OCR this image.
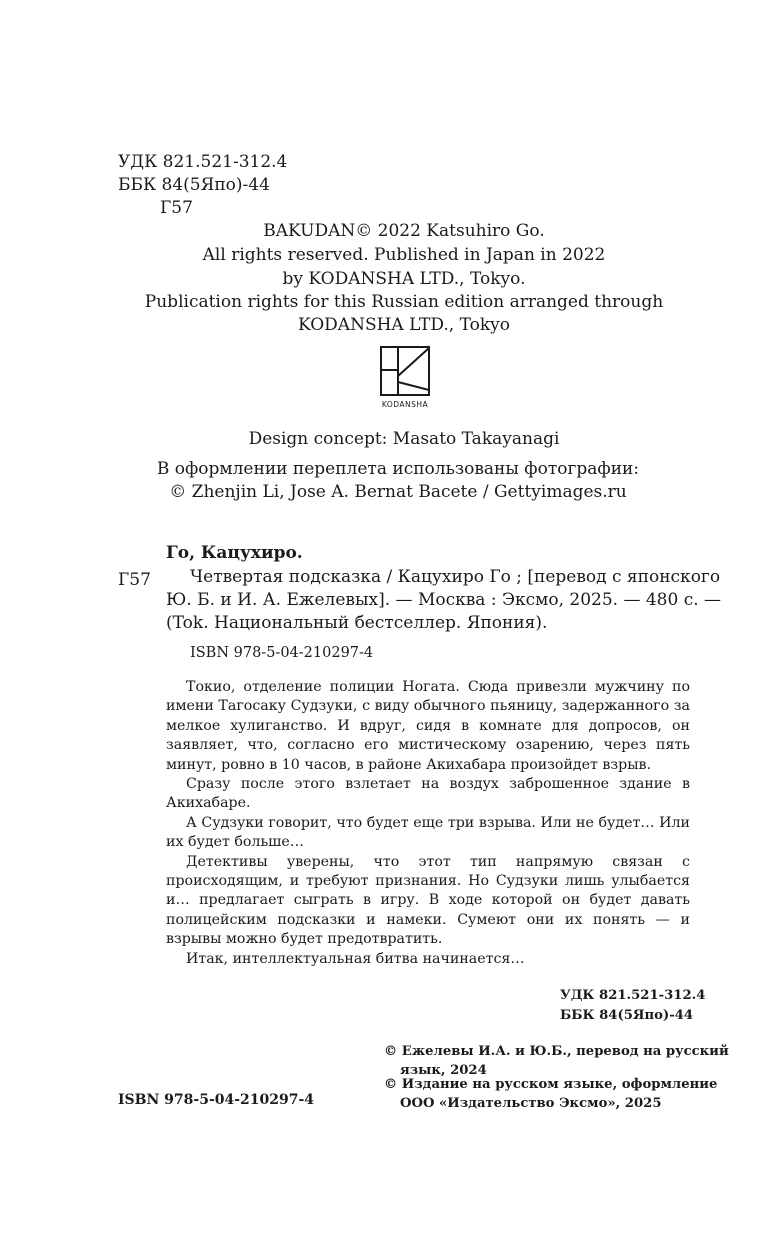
УДК 821.521-312.4
ББК 84(5Япо)-44
Г57
BAKUDAN© 2022 Katsuhiro Go.
All rights reserved. Published in Japan in 2022
by KODANSHA LTD., Tokyo.
Publication rights for this Russian edition arranged through
KODANSHA LTD., Tokyo
KODANSHA
Design concept: Masato Takayanagi
В оформлении переплета использованы фотографии:
© Zhenjin Li, Jose A. Bernat Bacete / Gettyimages.ru
Го, Кацухиро.
Г57 Четвертая подсказка / Кацухиро Го ; [перевод с японского
Ю. Б. и И. А. Ежелевых]. — Москва : Эксмо, 2025. — 480 с. —
(Tok. Национальный бестселлер. Япония).
ISBN 978-5-04-210297-4

Токио, отделение полиции Ногата. Сюда привезли мужчину по имени Тагосаку Судзуки, с виду обычного пьяницу, задержанного за мелкое хулиганство. И вдруг, сидя в комнате для допросов, он заявляет, что, согласно его мистическому озарению, через пять минут, ровно в 10 часов, в районе Акихабара произойдет взрыв.

Сразу после этого взлетает на воздух заброшенное здание в Акихабаре.

А Судзуки говорит, что будет еще три взрыва. Или не будет… Или их будет больше…

Детективы уверены, что этот тип напрямую связан с происходящим, и требуют признания. Но Судзуки лишь улыбается и… предлагает сыграть в игру. В ходе которой он будет давать полицейским подсказки и намеки. Сумеют они их понять — и взрывы можно будет предотвратить.

Итак, интеллектуальная битва начинается…

УДК 821.521-312.4
ББК 84(5Япо)-44
© Ежелевы И.А. и Ю.Б., перевод на русский
язык, 2024
© Издание на русском языке, оформление
ООО «Издательство Эксмо», 2025
ISBN 978-5-04-210297-4
